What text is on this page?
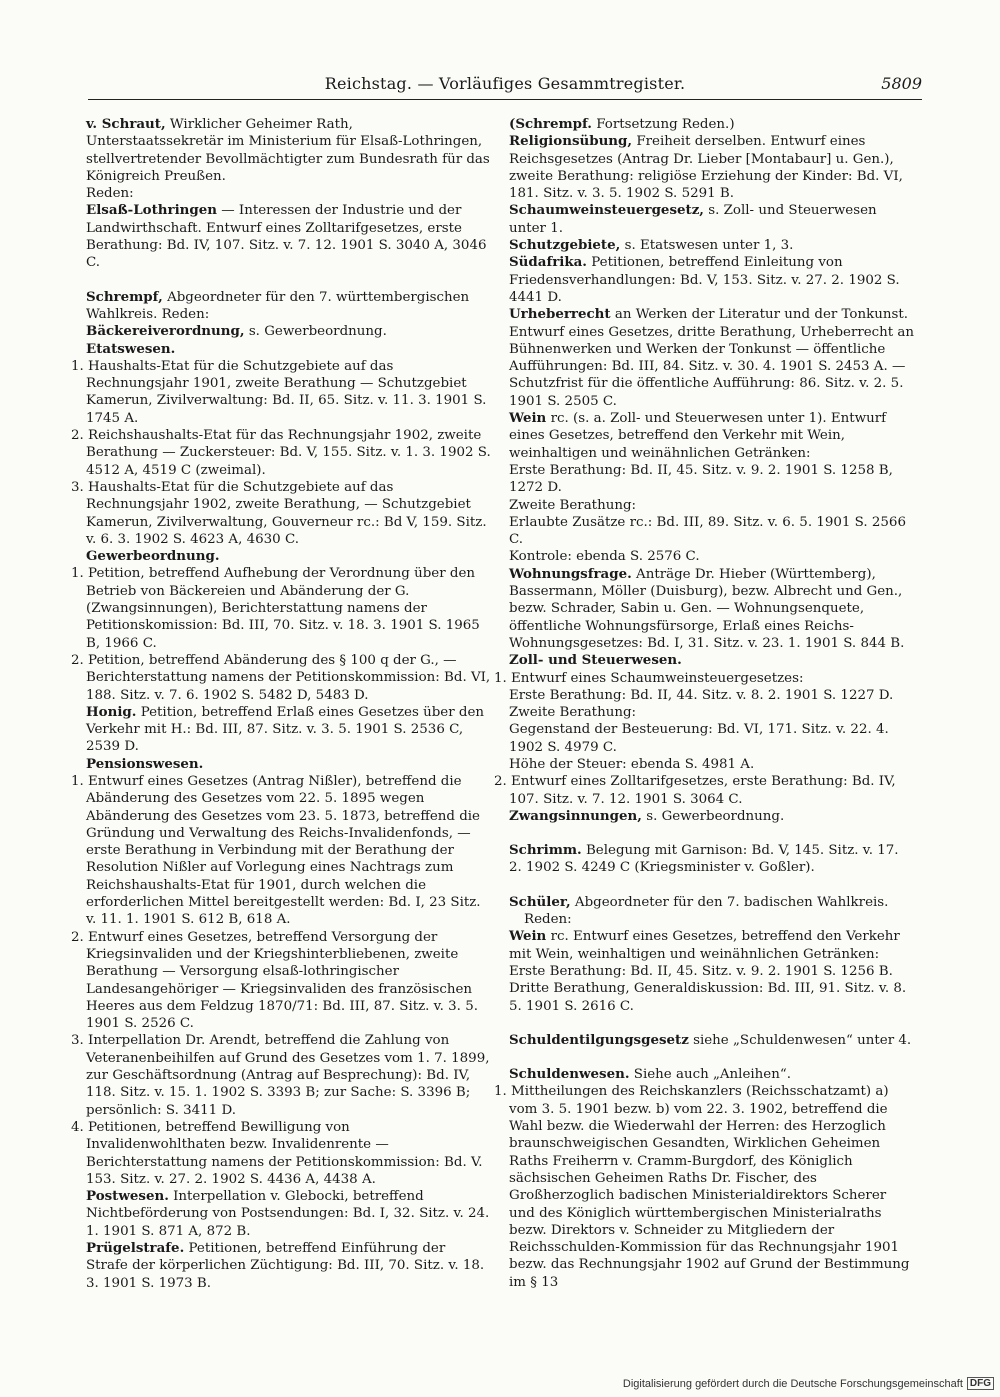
Reichstag. — Vorläufiges Gesammtregister.	5809

v. Schraut, Wirklicher Geheimer Rath, Unterstaatssekretär im Ministerium für Elsaß-Lothringen, stellvertretender Bevollmächtigter zum Bundesrath für das Königreich Preußen.

Reden:

Elsaß-Lothringen — Interessen der Industrie und der Landwirthschaft. Entwurf eines Zolltarifgesetzes, erste Berathung: Bd. IV, 107. Sitz. v. 7. 12. 1901 S. 3040 A, 3046 C.

Schrempf, Abgeordneter für den 7. württembergischen Wahlkreis. Reden:

Bäckereiverordnung, s. Gewerbeordnung.

Etatswesen.

1. Haushalts-Etat für die Schutzgebiete auf das Rechnungsjahr 1901, zweite Berathung — Schutzgebiet Kamerun, Zivilverwaltung: Bd. II, 65. Sitz. v. 11. 3. 1901 S. 1745 A.

2. Reichshaushalts-Etat für das Rechnungsjahr 1902, zweite Berathung — Zuckersteuer: Bd. V, 155. Sitz. v. 1. 3. 1902 S. 4512 A, 4519 C (zweimal).

3. Haushalts-Etat für die Schutzgebiete auf das Rechnungsjahr 1902, zweite Berathung, — Schutzgebiet Kamerun, Zivilverwaltung, Gouverneur rc.: Bd V, 159. Sitz. v. 6. 3. 1902 S. 4623 A, 4630 C.

Gewerbeordnung.

1. Petition, betreffend Aufhebung der Verordnung über den Betrieb von Bäckereien und Abänderung der G. (Zwangsinnungen), Berichterstattung namens der Petitionskomission: Bd. III, 70. Sitz. v. 18. 3. 1901 S. 1965 B, 1966 C.

2. Petition, betreffend Abänderung des § 100 q der G., — Berichterstattung namens der Petitionskommission: Bd. VI, 188. Sitz. v. 7. 6. 1902 S. 5482 D, 5483 D.

Honig. Petition, betreffend Erlaß eines Gesetzes über den Verkehr mit H.: Bd. III, 87. Sitz. v. 3. 5. 1901 S. 2536 C, 2539 D.

Pensionswesen.

1. Entwurf eines Gesetzes (Antrag Nißler), betreffend die Abänderung des Gesetzes vom 22. 5. 1895 wegen Abänderung des Gesetzes vom 23. 5. 1873, betreffend die Gründung und Verwaltung des Reichs-Invalidenfonds, — erste Berathung in Verbindung mit der Berathung der Resolution Nißler auf Vorlegung eines Nachtrags zum Reichshaushalts-Etat für 1901, durch welchen die erforderlichen Mittel bereitgestellt werden: Bd. I, 23 Sitz. v. 11. 1. 1901 S. 612 B, 618 A.

2. Entwurf eines Gesetzes, betreffend Versorgung der Kriegsinvaliden und der Kriegshinterbliebenen, zweite Berathung — Versorgung elsaß-lothringischer Landesangehöriger — Kriegsinvaliden des französischen Heeres aus dem Feldzug 1870/71: Bd. III, 87. Sitz. v. 3. 5. 1901 S. 2526 C.

3. Interpellation Dr. Arendt, betreffend die Zahlung von Veteranenbeihilfen auf Grund des Gesetzes vom 1. 7. 1899, zur Geschäftsordnung (Antrag auf Besprechung): Bd. IV, 118. Sitz. v. 15. 1. 1902 S. 3393 B; zur Sache: S. 3396 B; persönlich: S. 3411 D.

4. Petitionen, betreffend Bewilligung von Invalidenwohlthaten bezw. Invalidenrente — Berichterstattung namens der Petitionskommission: Bd. V. 153. Sitz. v. 27. 2. 1902 S. 4436 A, 4438 A.

Postwesen. Interpellation v. Glebocki, betreffend Nichtbeförderung von Postsendungen: Bd. I, 32. Sitz. v. 24. 1. 1901 S. 871 A, 872 B.

Prügelstrafe. Petitionen, betreffend Einführung der Strafe der körperlichen Züchtigung: Bd. III, 70. Sitz. v. 18. 3. 1901 S. 1973 B.

(Schrempf. Fortsetzung Reden.)

Religionsübung, Freiheit derselben. Entwurf eines Reichsgesetzes (Antrag Dr. Lieber [Montabaur] u. Gen.), zweite Berathung: religiöse Erziehung der Kinder: Bd. VI, 181. Sitz. v. 3. 5. 1902 S. 5291 B.

Schaumweinsteuergesetz, s. Zoll- und Steuerwesen unter 1.

Schutzgebiete, s. Etatswesen unter 1, 3.

Südafrika. Petitionen, betreffend Einleitung von Friedensverhandlungen: Bd. V, 153. Sitz. v. 27. 2. 1902 S. 4441 D.

Urheberrecht an Werken der Literatur und der Tonkunst. Entwurf eines Gesetzes, dritte Berathung, Urheberrecht an Bühnenwerken und Werken der Tonkunst — öffentliche Aufführungen: Bd. III, 84. Sitz. v. 30. 4. 1901 S. 2453 A. — Schutzfrist für die öffentliche Aufführung: 86. Sitz. v. 2. 5. 1901 S. 2505 C.

Wein rc. (s. a. Zoll- und Steuerwesen unter 1). Entwurf eines Gesetzes, betreffend den Verkehr mit Wein, weinhaltigen und weinähnlichen Getränken:

Erste Berathung: Bd. II, 45. Sitz. v. 9. 2. 1901 S. 1258 B, 1272 D.

Zweite Berathung:

Erlaubte Zusätze rc.: Bd. III, 89. Sitz. v. 6. 5. 1901 S. 2566 C.

Kontrole: ebenda S. 2576 C.

Wohnungsfrage. Anträge Dr. Hieber (Württemberg), Bassermann, Möller (Duisburg), bezw. Albrecht und Gen., bezw. Schrader, Sabin u. Gen. — Wohnungsenquete, öffentliche Wohnungsfürsorge, Erlaß eines Reichs-Wohnungsgesetzes: Bd. I, 31. Sitz. v. 23. 1. 1901 S. 844 B.

Zoll- und Steuerwesen.

1. Entwurf eines Schaumweinsteuergesetzes:

Erste Berathung: Bd. II, 44. Sitz. v. 8. 2. 1901 S. 1227 D.

Zweite Berathung:

Gegenstand der Besteuerung: Bd. VI, 171. Sitz. v. 22. 4. 1902 S. 4979 C.

Höhe der Steuer: ebenda S. 4981 A.

2. Entwurf eines Zolltarifgesetzes, erste Berathung: Bd. IV, 107. Sitz. v. 7. 12. 1901 S. 3064 C.

Zwangsinnungen, s. Gewerbeordnung.

Schrimm. Belegung mit Garnison: Bd. V, 145. Sitz. v. 17. 2. 1902 S. 4249 C (Kriegsminister v. Goßler).

Schüler, Abgeordneter für den 7. badischen Wahlkreis.

Reden:

Wein rc. Entwurf eines Gesetzes, betreffend den Verkehr mit Wein, weinhaltigen und weinähnlichen Getränken:

Erste Berathung: Bd. II, 45. Sitz. v. 9. 2. 1901 S. 1256 B.

Dritte Berathung, Generaldiskussion: Bd. III, 91. Sitz. v. 8. 5. 1901 S. 2616 C.

Schuldentilgungsgesetz siehe „Schuldenwesen“ unter 4.

Schuldenwesen. Siehe auch „Anleihen“.

1. Mittheilungen des Reichskanzlers (Reichsschatzamt) a) vom 3. 5. 1901 bezw. b) vom 22. 3. 1902, betreffend die Wahl bezw. die Wiederwahl der Herren: des Herzoglich braunschweigischen Gesandten, Wirklichen Geheimen Raths Freiherrn v. Cramm-Burgdorf, des Königlich sächsischen Geheimen Raths Dr. Fischer, des Großherzoglich badischen Ministerialdirektors Scherer und des Königlich württembergischen Ministerialraths bezw. Direktors v. Schneider zu Mitgliedern der Reichsschulden-Kommission für das Rechnungsjahr 1901 bezw. das Rechnungsjahr 1902 auf Grund der Bestimmung im § 13

Digitalisierung gefördert durch die Deutsche Forschungsgemeinschaft DFG
